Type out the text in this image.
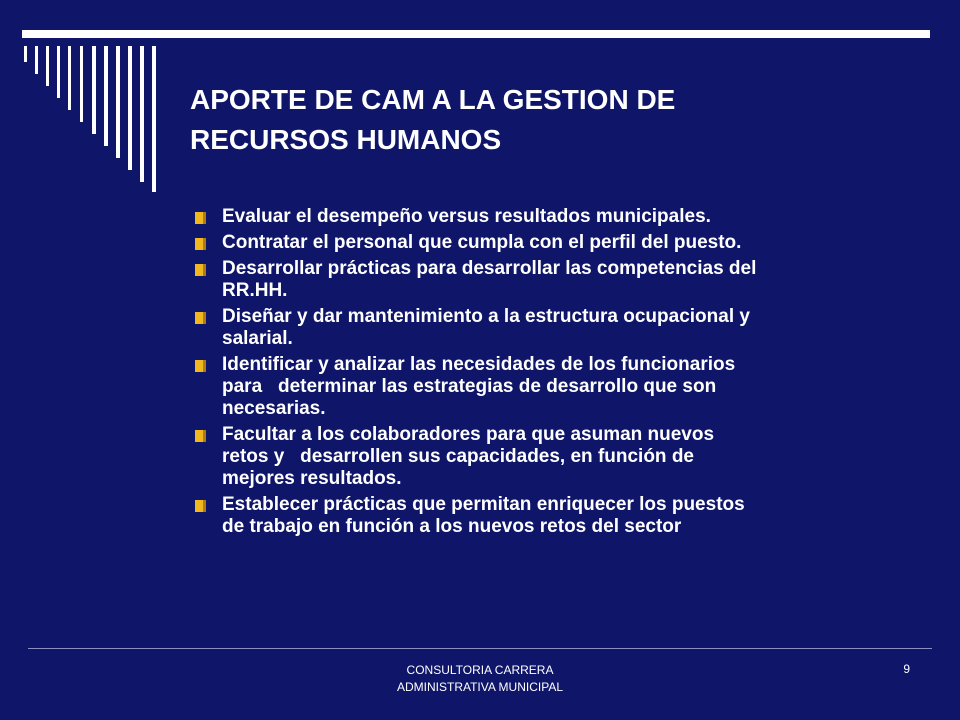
APORTE DE CAM A LA GESTION DE
RECURSOS HUMANOS
Evaluar el desempeño versus resultados municipales.
Contratar el personal que cumpla con el perfil del puesto.
Desarrollar prácticas para desarrollar las competencias del
RR.HH.
Diseñar y dar mantenimiento a la estructura ocupacional y
salarial.
Identificar y analizar las necesidades de los funcionarios
para   determinar las estrategias de desarrollo que son
necesarias.
Facultar a los colaboradores para que asuman nuevos
retos y   desarrollen sus capacidades, en función de
mejores resultados.
Establecer prácticas que permitan enriquecer los puestos
de trabajo en función a los nuevos retos del sector
CONSULTORIA CARRERA
ADMINISTRATIVA MUNICIPAL
9
